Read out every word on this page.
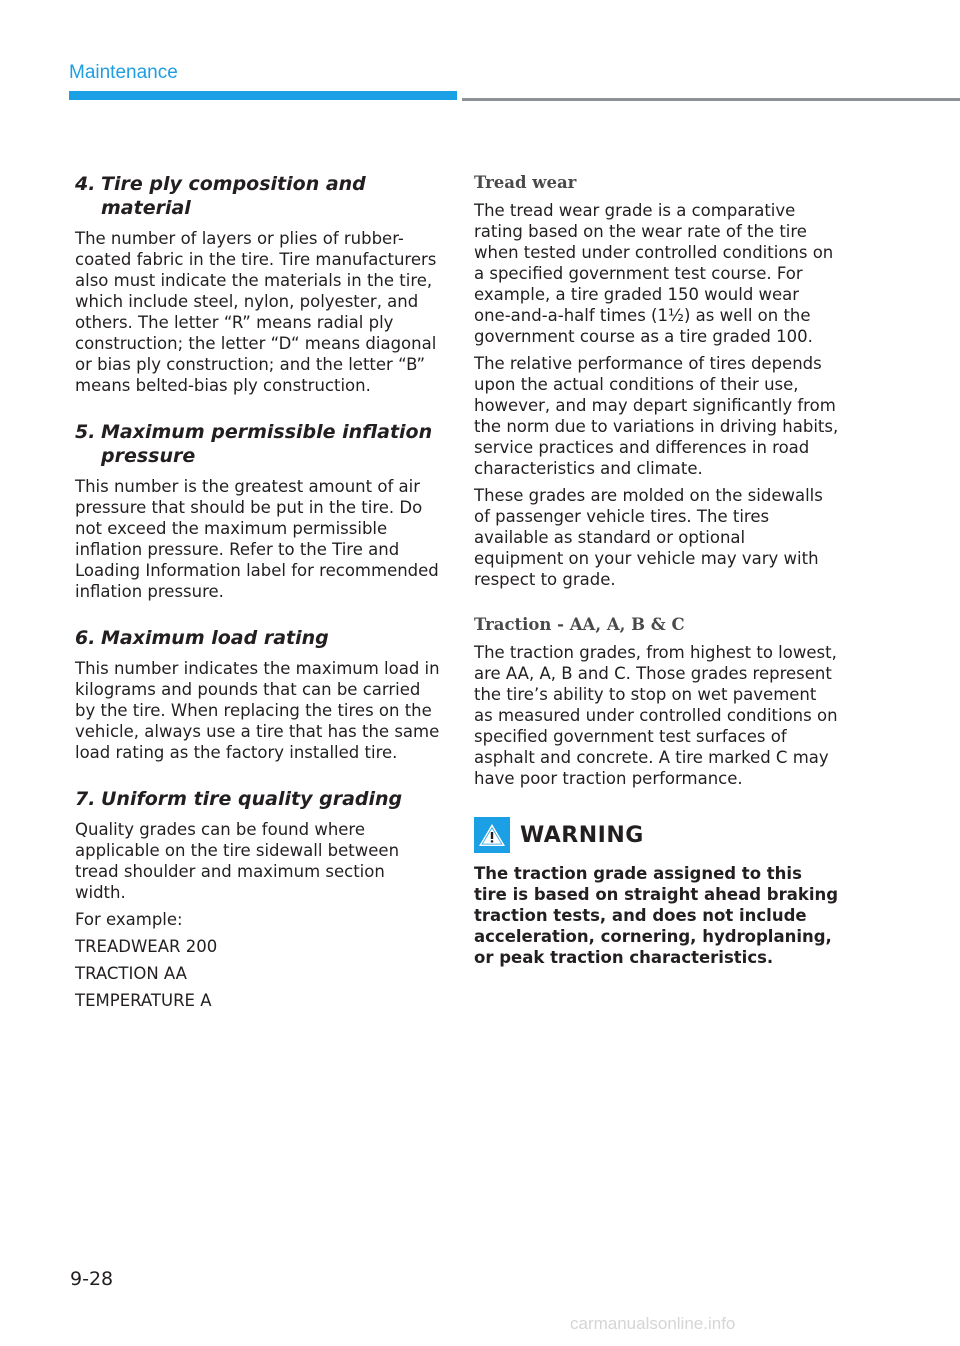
Maintenance
4. Tire ply composition and material

The number of layers or plies of rubber-coated fabric in the tire. Tire manufacturers also must indicate the materials in the tire, which include steel, nylon, polyester, and others. The letter “R” means radial ply construction; the letter “D“ means diagonal or bias ply construction; and the letter “B” means belted-bias ply construction.

5. Maximum permissible inflation pressure

This number is the greatest amount of air pressure that should be put in the tire. Do not exceed the maximum permissible inflation pressure. Refer to the Tire and Loading Information label for recommended inflation pressure.

6. Maximum load rating

This number indicates the maximum load in kilograms and pounds that can be carried by the tire. When replacing the tires on the vehicle, always use a tire that has the same load rating as the factory installed tire.

7. Uniform tire quality grading

Quality grades can be found where applicable on the tire sidewall between tread shoulder and maximum section width.

For example:

TREADWEAR 200

TRACTION AA

TEMPERATURE A

Tread wear

The tread wear grade is a comparative rating based on the wear rate of the tire when tested under controlled conditions on a specified government test course. For example, a tire graded 150 would wear one-and-a-half times (1½) as well on the government course as a tire graded 100.

The relative performance of tires depends upon the actual conditions of their use, however, and may depart significantly from the norm due to variations in driving habits, service practices and differences in road characteristics and climate.

These grades are molded on the sidewalls of passenger vehicle tires. The tires available as standard or optional equipment on your vehicle may vary with respect to grade.

Traction - AA, A, B & C

The traction grades, from highest to lowest, are AA, A, B and C. Those grades represent the tire’s ability to stop on wet pavement as measured under controlled conditions on specified government test surfaces of asphalt and concrete. A tire marked C may have poor traction performance.

WARNING

The traction grade assigned to this tire is based on straight ahead braking traction tests, and does not include acceleration, cornering, hydroplaning, or peak traction characteristics.

9-28
carmanualsonline.info
